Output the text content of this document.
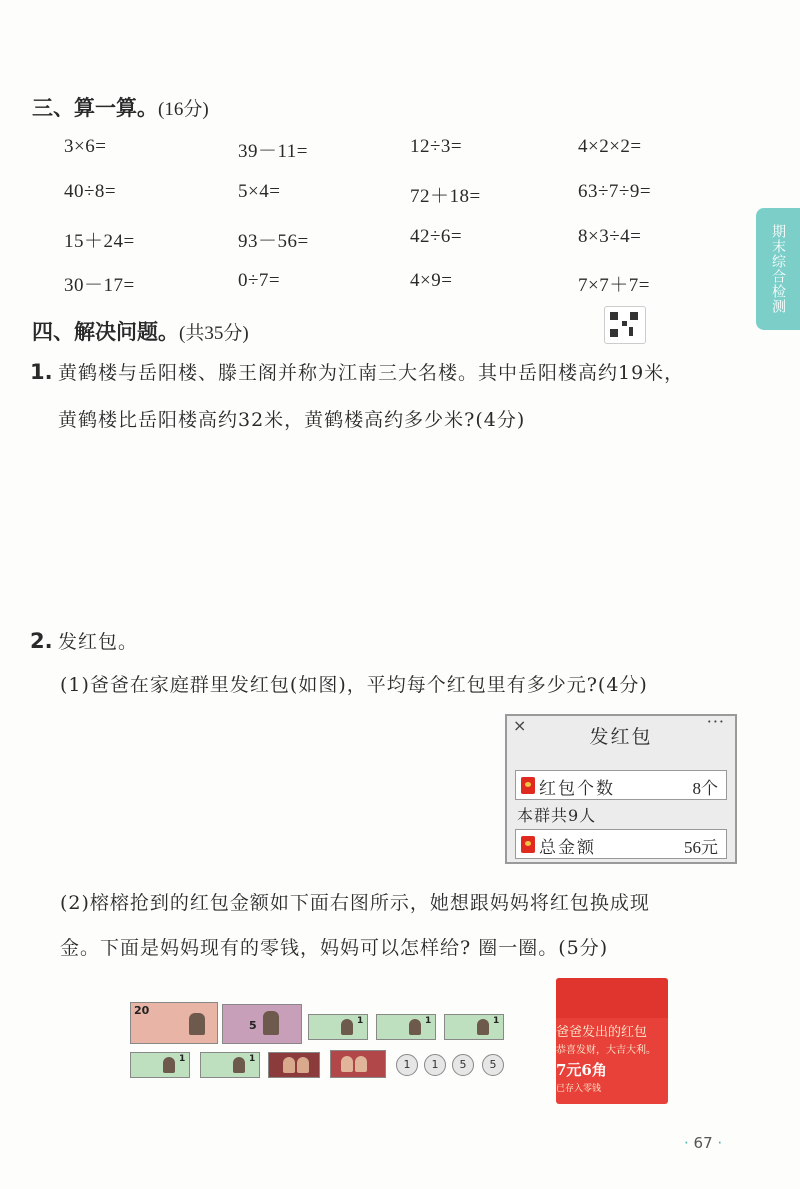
期末综合检测
三、算一算。(16分)
3×6=	39－11=	12÷3=	4×2×2=
40÷8=	5×4=	72＋18=	63÷7÷9=
15＋24=	93－56=	42÷6=	8×3÷4=
30－17=	0÷7=	4×9=	7×7＋7=
四、解决问题。(共35分)
1. 黄鹤楼与岳阳楼、滕王阁并称为江南三大名楼。其中岳阳楼高约19米，
黄鹤楼比岳阳楼高约32米，黄鹤楼高约多少米?(4分)
2. 发红包。
(1)爸爸在家庭群里发红包(如图)，平均每个红包里有多少元?(4分)
×	···
发红包
红包个数	8个
本群共9人
总金额	56元
(2)榕榕抢到的红包金额如下面右图所示，她想跟妈妈将红包换成现
金。下面是妈妈现有的零钱，妈妈可以怎样给? 圈一圈。(5分)
20
5	1	1	1
1	1	1	1	5	5
爸爸发出的红包
恭喜发财，大吉大利。
7元6角
已存入零钱
· 67 ·
